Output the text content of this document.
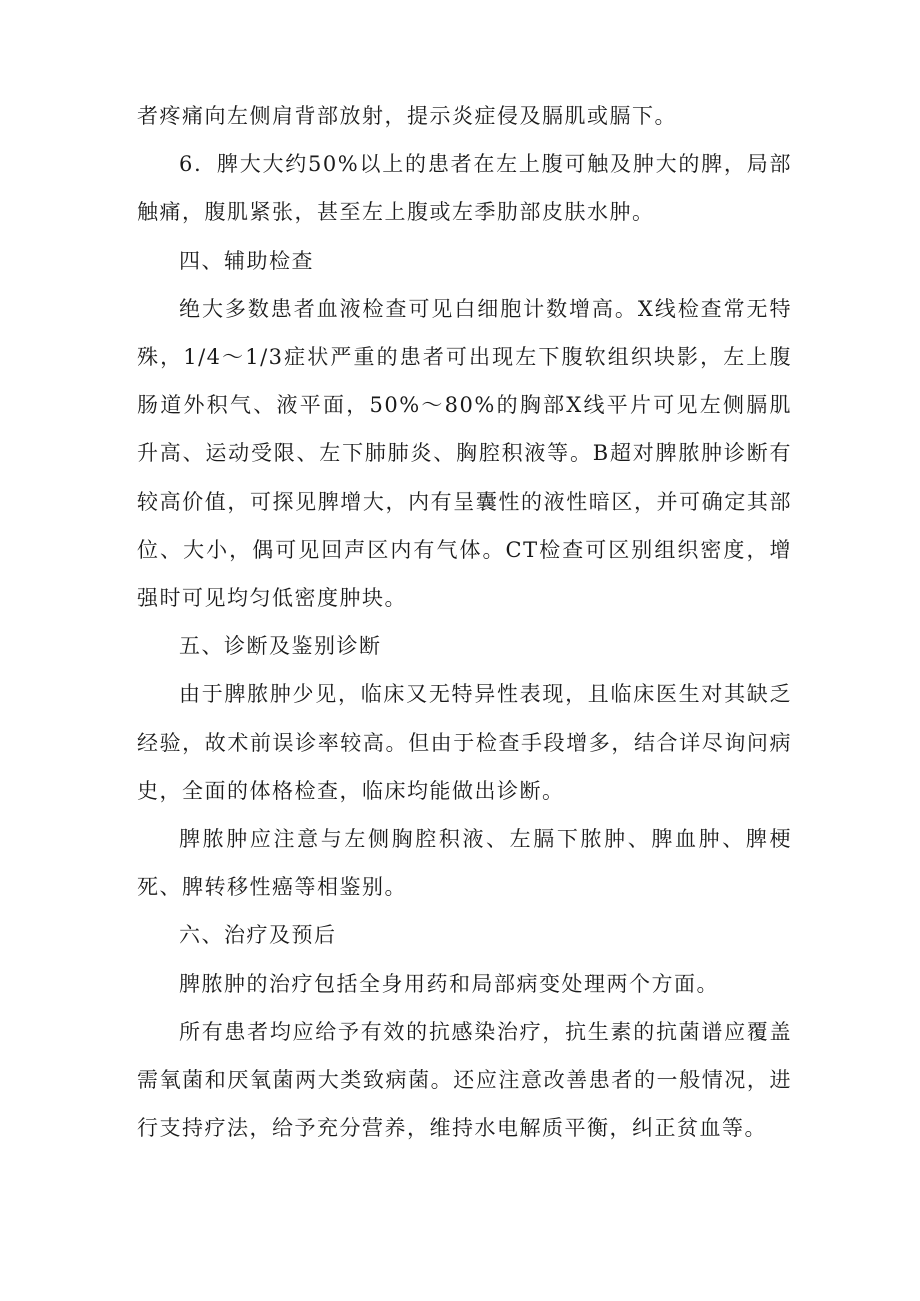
者疼痛向左侧肩背部放射，提示炎症侵及膈肌或膈下。

6．脾大大约50%以上的患者在左上腹可触及肿大的脾，局部触痛，腹肌紧张，甚至左上腹或左季肋部皮肤水肿。

四、辅助检查

绝大多数患者血液检查可见白细胞计数增高。X线检查常无特殊，1/4～1/3症状严重的患者可出现左下腹软组织块影，左上腹肠道外积气、液平面，50%～80%的胸部X线平片可见左侧膈肌升高、运动受限、左下肺肺炎、胸腔积液等。B超对脾脓肿诊断有较高价值，可探见脾增大，内有呈囊性的液性暗区，并可确定其部位、大小，偶可见回声区内有气体。CT检查可区别组织密度，增强时可见均匀低密度肿块。

五、诊断及鉴别诊断

由于脾脓肿少见，临床又无特异性表现，且临床医生对其缺乏经验，故术前误诊率较高。但由于检查手段增多，结合详尽询问病史，全面的体格检查，临床均能做出诊断。

脾脓肿应注意与左侧胸腔积液、左膈下脓肿、脾血肿、脾梗死、脾转移性癌等相鉴别。

六、治疗及预后

脾脓肿的治疗包括全身用药和局部病变处理两个方面。

所有患者均应给予有效的抗感染治疗，抗生素的抗菌谱应覆盖需氧菌和厌氧菌两大类致病菌。还应注意改善患者的一般情况，进行支持疗法，给予充分营养，维持水电解质平衡，纠正贫血等。
